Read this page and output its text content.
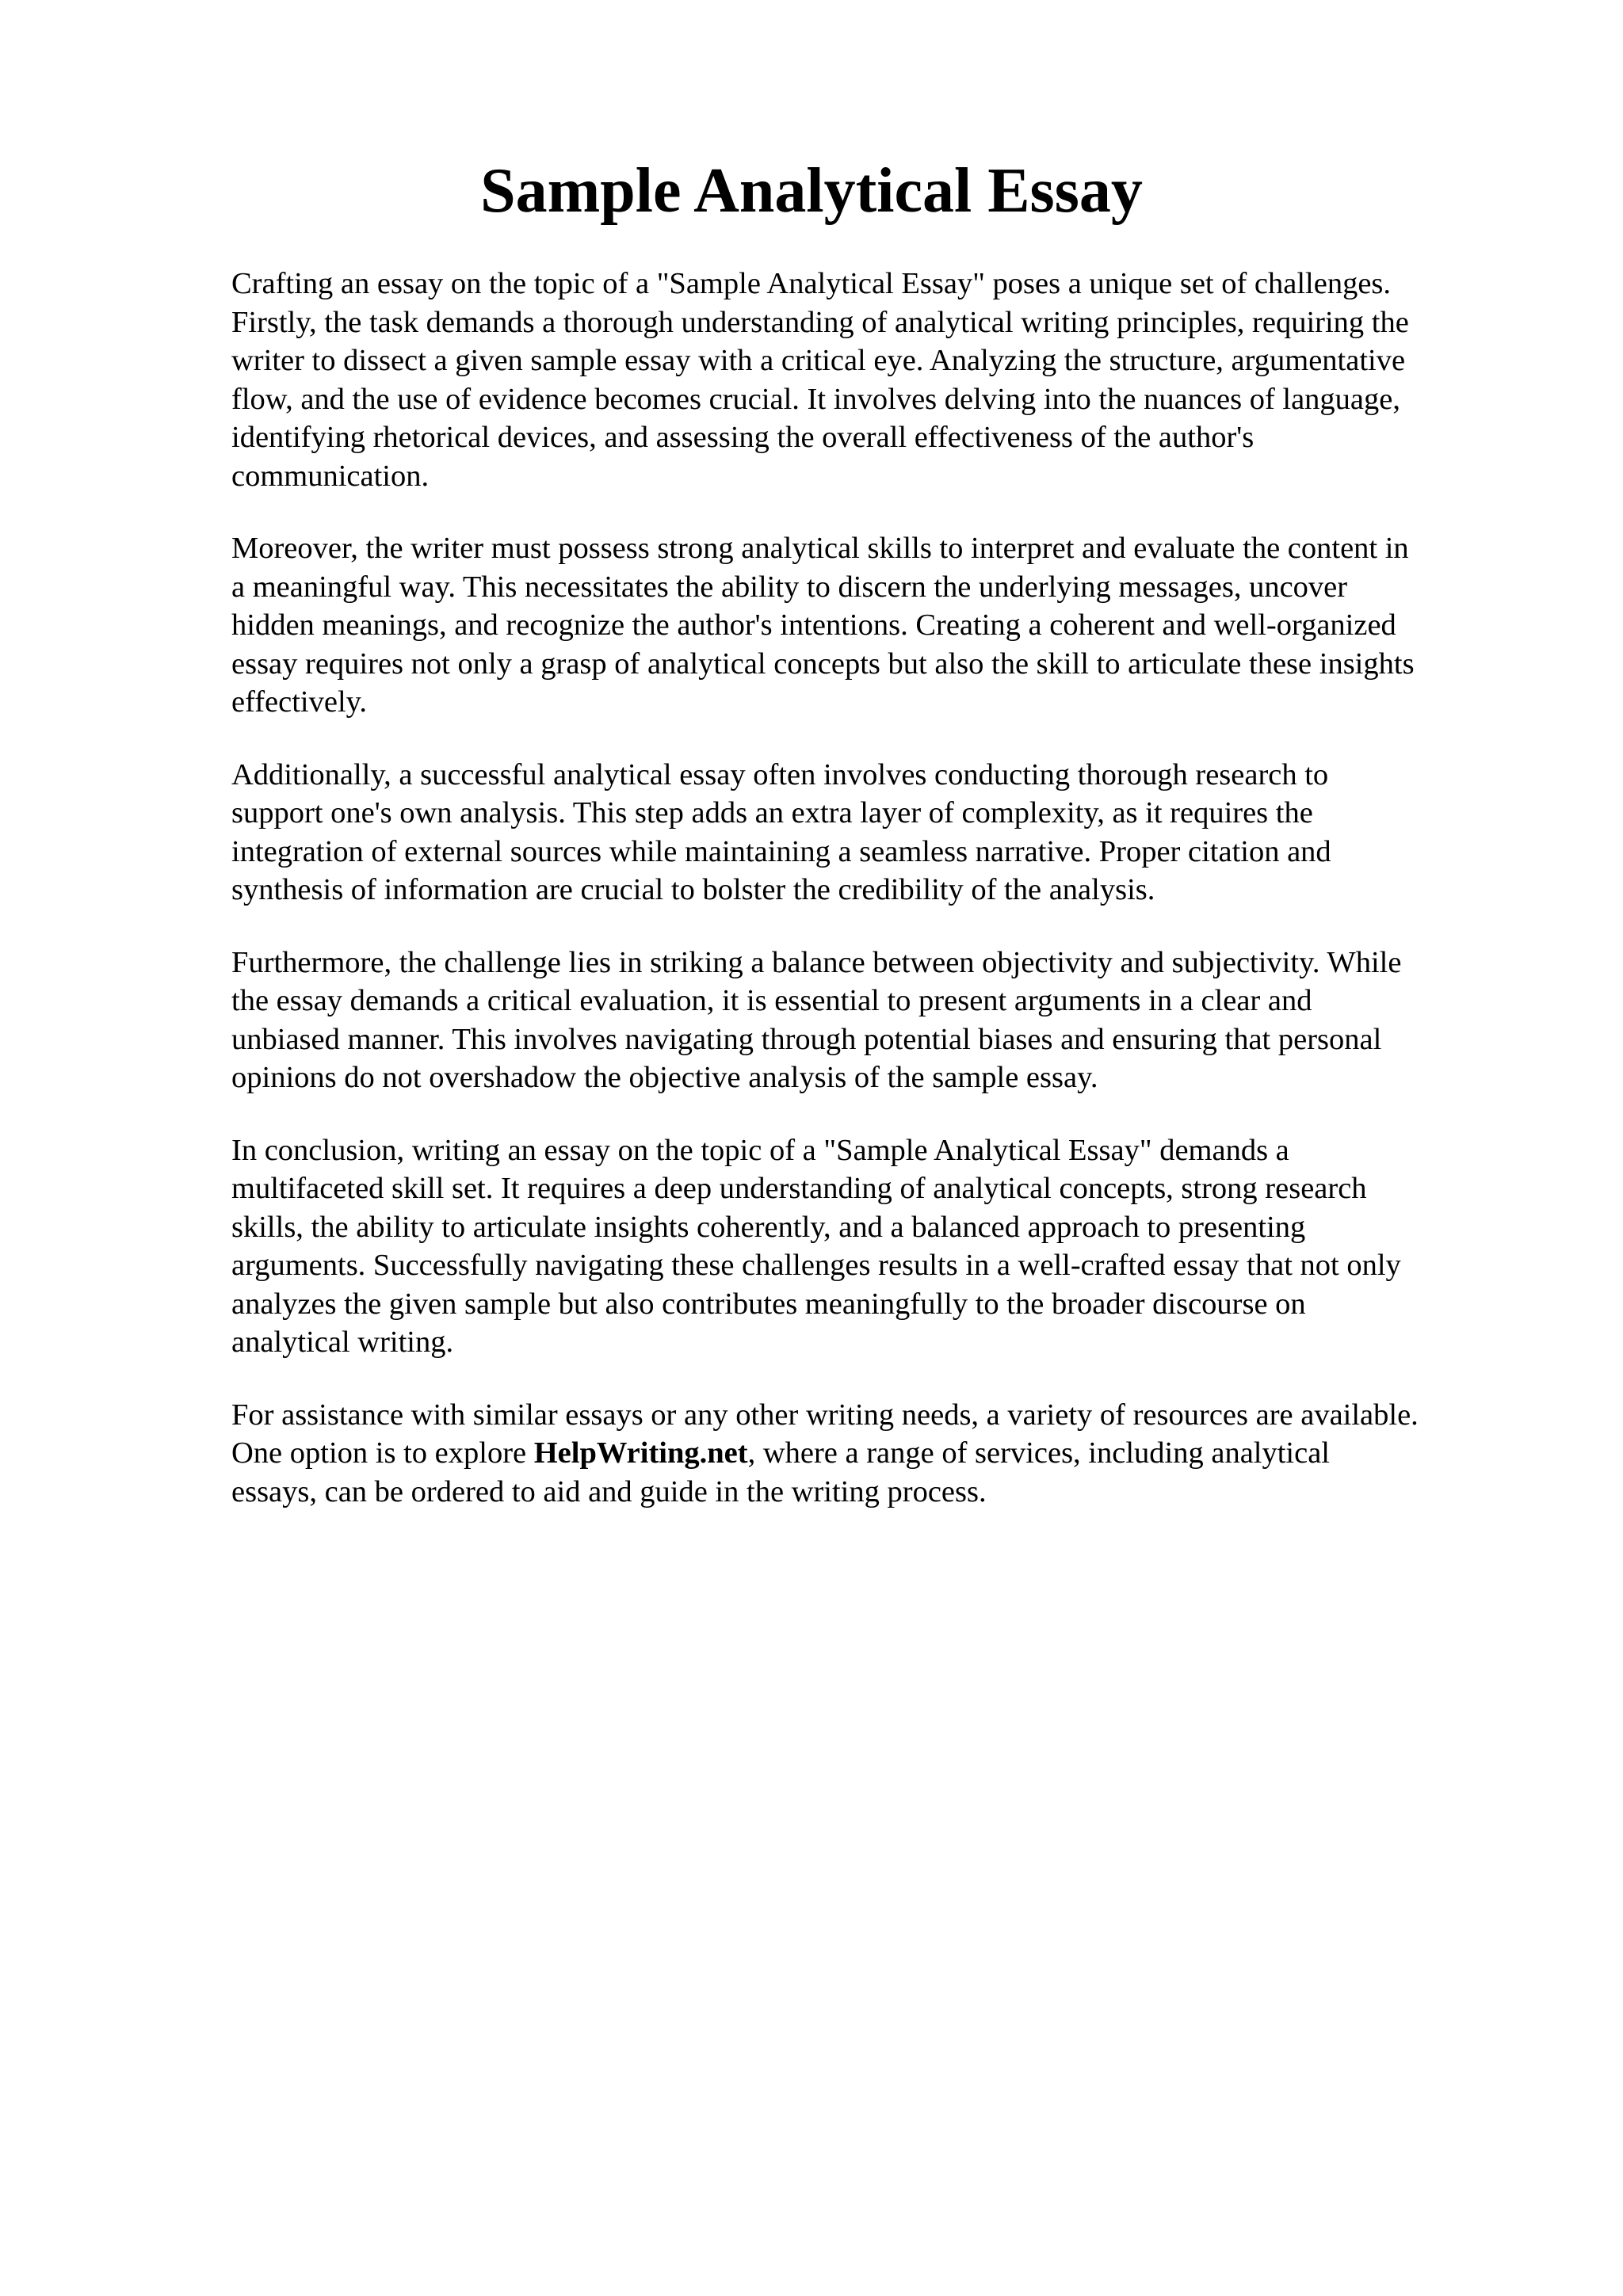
Sample Analytical Essay

Crafting an essay on the topic of a "Sample Analytical Essay" poses a unique set of challenges.
Firstly, the task demands a thorough understanding of analytical writing principles, requiring the
writer to dissect a given sample essay with a critical eye. Analyzing the structure, argumentative
flow, and the use of evidence becomes crucial. It involves delving into the nuances of language,
identifying rhetorical devices, and assessing the overall effectiveness of the author's
communication.

Moreover, the writer must possess strong analytical skills to interpret and evaluate the content in
a meaningful way. This necessitates the ability to discern the underlying messages, uncover
hidden meanings, and recognize the author's intentions. Creating a coherent and well-organized
essay requires not only a grasp of analytical concepts but also the skill to articulate these insights
effectively.

Additionally, a successful analytical essay often involves conducting thorough research to
support one's own analysis. This step adds an extra layer of complexity, as it requires the
integration of external sources while maintaining a seamless narrative. Proper citation and
synthesis of information are crucial to bolster the credibility of the analysis.

Furthermore, the challenge lies in striking a balance between objectivity and subjectivity. While
the essay demands a critical evaluation, it is essential to present arguments in a clear and
unbiased manner. This involves navigating through potential biases and ensuring that personal
opinions do not overshadow the objective analysis of the sample essay.

In conclusion, writing an essay on the topic of a "Sample Analytical Essay" demands a
multifaceted skill set. It requires a deep understanding of analytical concepts, strong research
skills, the ability to articulate insights coherently, and a balanced approach to presenting
arguments. Successfully navigating these challenges results in a well-crafted essay that not only
analyzes the given sample but also contributes meaningfully to the broader discourse on
analytical writing.

For assistance with similar essays or any other writing needs, a variety of resources are available.
One option is to explore HelpWriting.net, where a range of services, including analytical
essays, can be ordered to aid and guide in the writing process.
